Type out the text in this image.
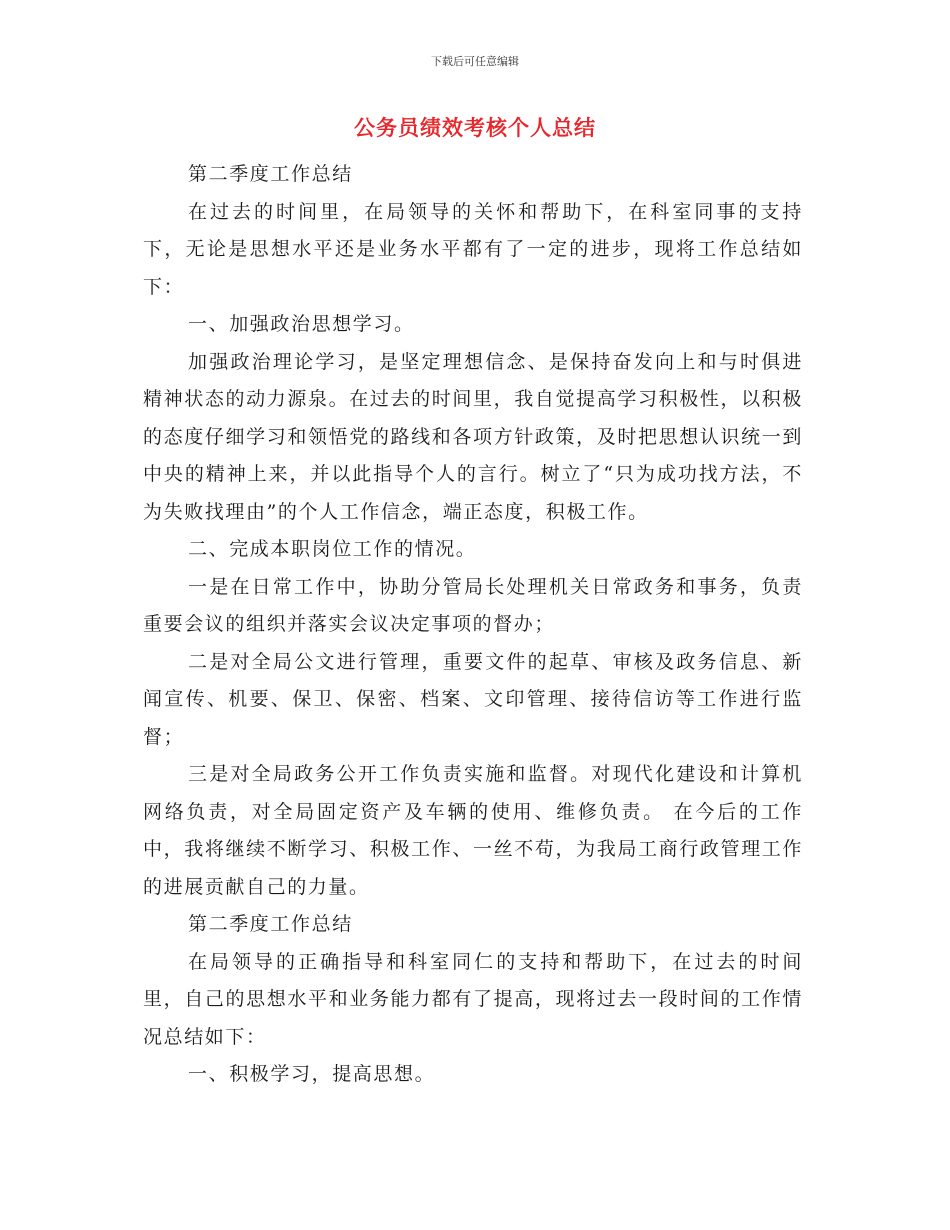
下载后可任意编辑
公务员绩效考核个人总结

第二季度工作总结

在过去的时间里，在局领导的关怀和帮助下，在科室同事的支持下，无论是思想水平还是业务水平都有了一定的进步，现将工作总结如下：

一、加强政治思想学习。

加强政治理论学习，是坚定理想信念、是保持奋发向上和与时俱进精神状态的动力源泉。在过去的时间里，我自觉提高学习积极性，以积极的态度仔细学习和领悟党的路线和各项方针政策，及时把思想认识统一到中央的精神上来，并以此指导个人的言行。树立了“只为成功找方法，不为失败找理由”的个人工作信念，端正态度，积极工作。

二、完成本职岗位工作的情况。

一是在日常工作中，协助分管局长处理机关日常政务和事务，负责重要会议的组织并落实会议决定事项的督办；

二是对全局公文进行管理，重要文件的起草、审核及政务信息、新闻宣传、机要、保卫、保密、档案、文印管理、接待信访等工作进行监督；

三是对全局政务公开工作负责实施和监督。对现代化建设和计算机网络负责，对全局固定资产及车辆的使用、维修负责。 在今后的工作中，我将继续不断学习、积极工作、一丝不苟，为我局工商行政管理工作的进展贡献自己的力量。

第二季度工作总结

在局领导的正确指导和科室同仁的支持和帮助下，在过去的时间里，自己的思想水平和业务能力都有了提高，现将过去一段时间的工作情况总结如下：

一、积极学习，提高思想。
